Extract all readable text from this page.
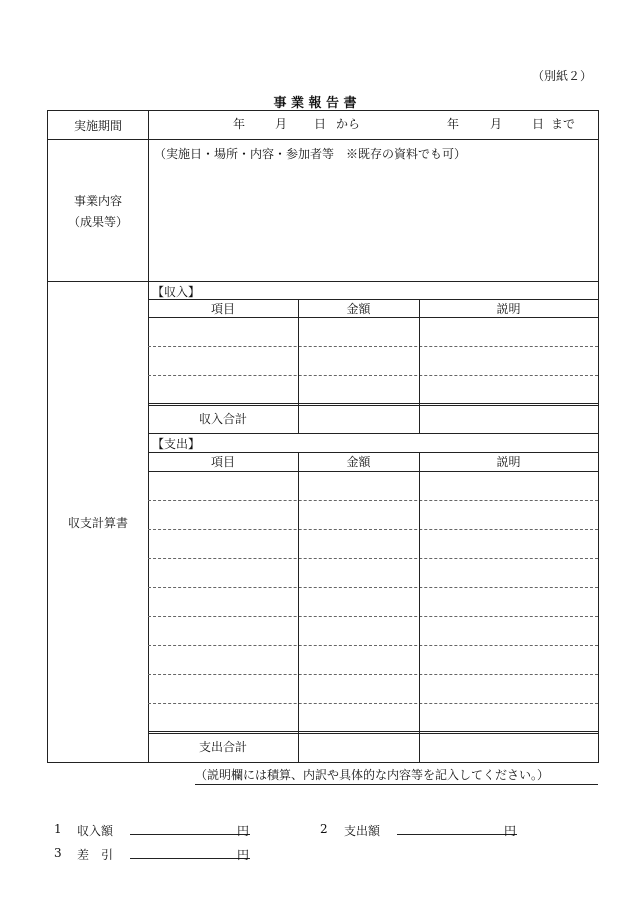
（別紙２）
事 業 報 告 書
実施期間	年 月 日 から	年	月 日 まで
事業内容
（成果等）
（実施日・場所・内容・参加者等　※既存の資料でも可）
収支計算書
【収入】
項目	金額	説明
収入合計
【支出】
項目	金額	説明
支出合計
（説明欄には積算、内訳や具体的な内容等を記入してください。）
1 収入額	円	2 支出額	円
3 差　引	円
